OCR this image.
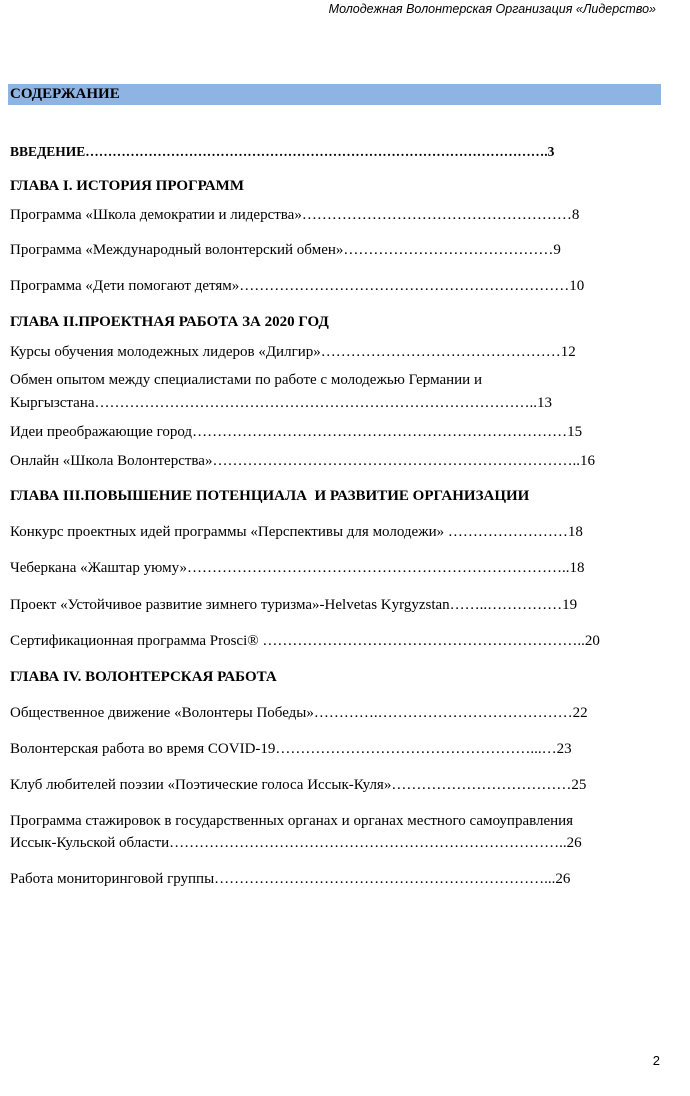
Молодежная Волонтерская Организация «Лидерство»
СОДЕРЖАНИЕ
ВВЕДЕНИЕ………………………………………………………………………………………….3
ГЛАВА I. ИСТОРИЯ ПРОГРАММ
Программа «Школа демократии и лидерства»………………………………………………8
Программа «Международный волонтерский обмен»……………………………………9
Программа «Дети помогают детям»…………………………………………………………10
ГЛАВА II.ПРОЕКТНАЯ РАБОТА ЗА 2020 ГОД
Курсы обучения молодежных лидеров «Дилгир»…………………………………………12
Обмен опытом между специалистами по работе с молодежью Германии и
Кыргызстана……………………………………………………………………………..13
Идеи преображающие город…………………………………………………………………15
Онлайн «Школа Волонтерства»………………………………………………………………..16
ГЛАВА III.ПОВЫШЕНИЕ ПОТЕНЦИАЛА  И РАЗВИТИЕ ОРГАНИЗАЦИИ
Конкурс проектных идей программы «Перспективы для молодежи» ……………………18
Чеберкана «Жаштар уюму»…………………………………………………………………..18
Проект «Устойчивое развитие зимнего туризма»-Helvetas Kyrgyzstan……..……………19
Сертификационная программа Prosci® ………………………………………………………..20
ГЛАВА IV. ВОЛОНТЕРСКАЯ РАБОТА
Общественное движение «Волонтеры Победы»………….…………………………………22
Волонтерская работа во время COVID-19……………………………………………...…23
Клуб любителей поэзии «Поэтические голоса Иссык-Куля»………………………………25
Программа стажировок в государственных органах и органах местного самоуправления
Иссык-Кульской области……………………………………………………………………..26
Работа мониторинговой группы…………………………………………………………...26
2
